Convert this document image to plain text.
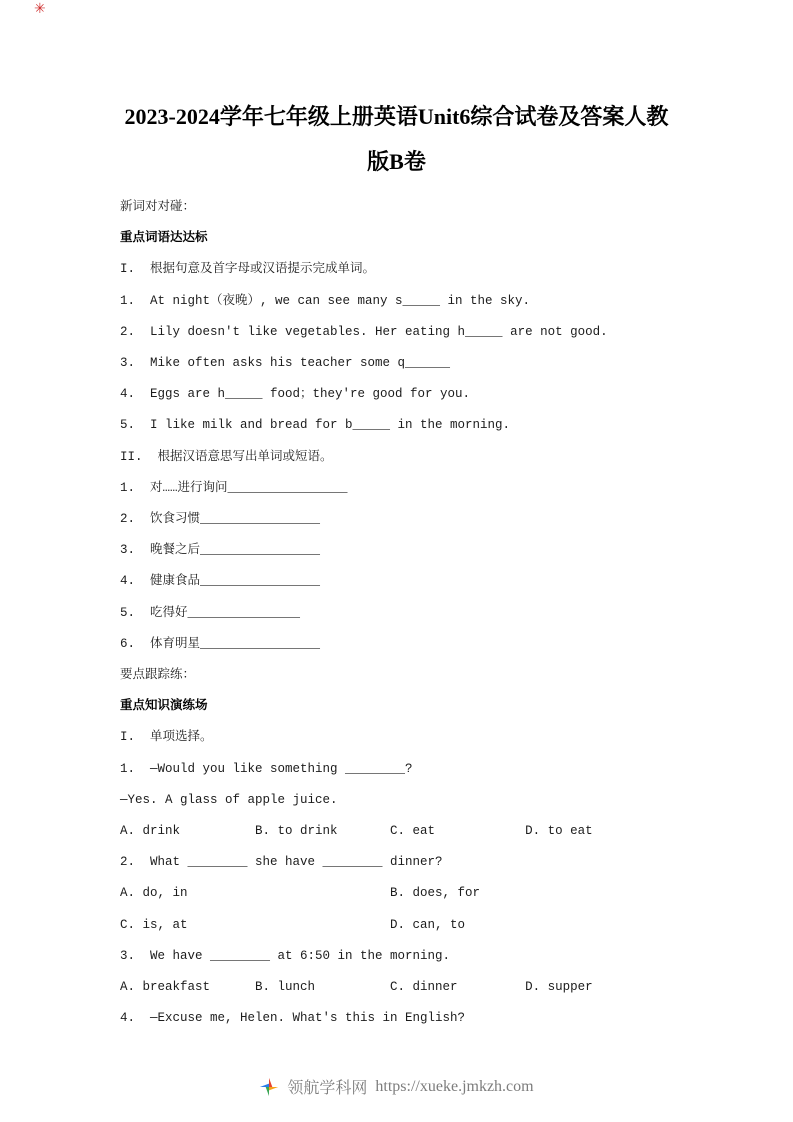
✳
2023-2024学年七年级上册英语Unit6综合试卷及答案人教
版B卷
新词对对碰：
重点词语达达标
I.  根据句意及首字母或汉语提示完成单词。
1.  At night（夜晚）, we can see many s_____ in the sky.
2.  Lily doesn't like vegetables. Her eating h_____ are not good.
3.  Mike often asks his teacher some q______
4.  Eggs are h_____ food；they're good for you.
5.  I like milk and bread for b_____ in the morning.
II.  根据汉语意思写出单词或短语。
1.  对……进行询问________________
2.  饮食习惯________________
3.  晚餐之后________________
4.  健康食品________________
5.  吃得好_______________
6.  体育明星________________
要点跟踪练：
重点知识演练场
I.  单项选择。
1.  —Would you like something ________?
—Yes. A glass of apple juice.
A. drink          B. to drink       C. eat            D. to eat
2.  What ________ she have ________ dinner?
A. do, in                           B. does, for
C. is, at                           D. can, to
3.  We have ________ at 6:50 in the morning.
A. breakfast      B. lunch          C. dinner         D. supper
4.  —Excuse me, Helen. What's this in English?
领航学科网 https://xueke.jmkzh.com
